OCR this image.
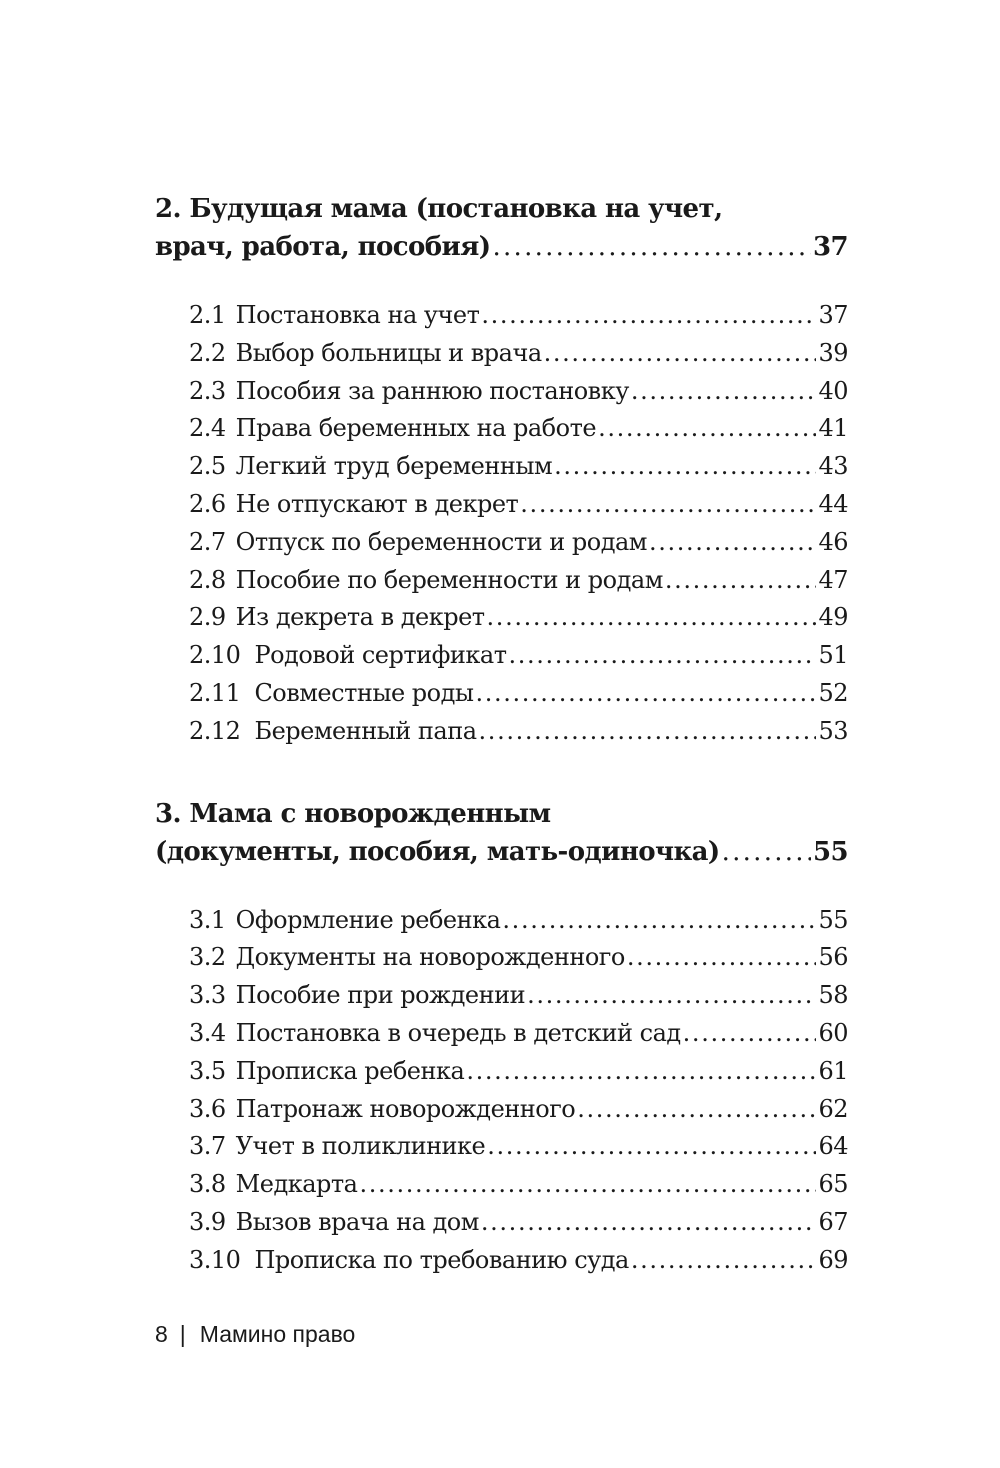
2. Будущая мама (постановка на учет,
врач, работа, пособия) . . .	37
2.1 Постановка на учет . . .	37
2.2 Выбор больницы и врача . . .	39
2.3 Пособия за раннюю постановку . . .	40
2.4 Права беременных на работе . . .	41
2.5 Легкий труд беременным . . .	43
2.6 Не отпускают в декрет . . .	44
2.7 Отпуск по беременности и родам . . .	46
2.8 Пособие по беременности и родам . . .	47
2.9 Из декрета в декрет . . .	49
2.10 Родовой сертификат . . .	51
2.11 Совместные роды . . .	52
2.12 Беременный папа . . .	53
3. Мама с новорожденным
(документы, пособия, мать-одиночка) . . .	55
3.1 Оформление ребенка . . .	55
3.2 Документы на новорожденного . . .	56
3.3 Пособие при рождении . . .	58
3.4 Постановка в очередь в детский сад . . .	60
3.5 Прописка ребенка . . .	61
3.6 Патронаж новорожденного . . .	62
3.7 Учет в поликлинике . . .	64
3.8 Медкарта . . .	65
3.9 Вызов врача на дом . . .	67
3.10 Прописка по требованию суда . . .	69
8 | Мамино право
